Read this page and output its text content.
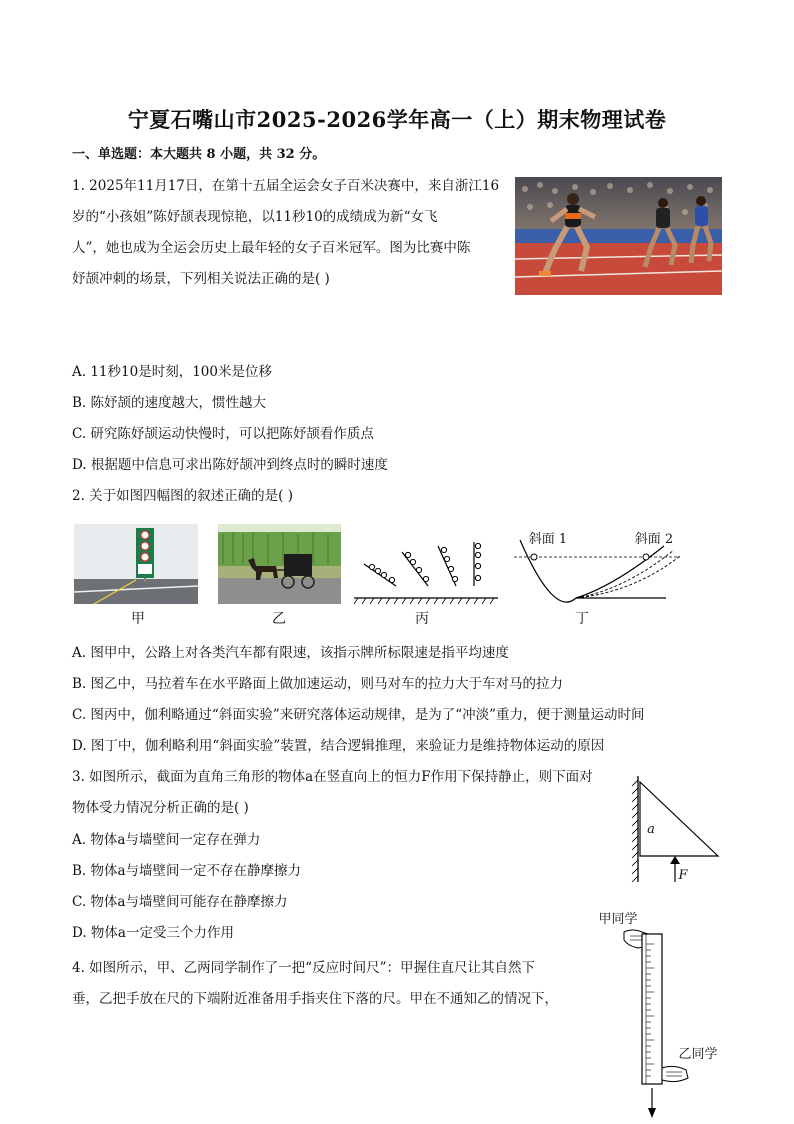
宁夏石嘴山市2025-2026学年高一（上）期末物理试卷
一、单选题：本大题共 8 小题，共 32 分。
1. 2025年11月17日，在第十五届全运会女子百米决赛中，来自浙江16
岁的“小孩姐”陈妤颉表现惊艳，以11秒10的成绩成为新“女飞
人”，她也成为全运会历史上最年轻的女子百米冠军。图为比赛中陈
妤颉冲刺的场景，下列相关说法正确的是( )
A. 11秒10是时刻，100米是位移
B. 陈妤颉的速度越大，惯性越大
C. 研究陈妤颉运动快慢时，可以把陈妤颉看作质点
D. 根据题中信息可求出陈妤颉冲到终点时的瞬时速度
2. 关于如图四幅图的叙述正确的是( )
斜面 1	斜面 2
甲	乙	丙	丁
A. 图甲中，公路上对各类汽车都有限速，该指示牌所标限速是指平均速度
B. 图乙中，马拉着车在水平路面上做加速运动，则马对车的拉力大于车对马的拉力
C. 图丙中，伽利略通过“斜面实验”来研究落体运动规律，是为了“冲淡”重力，便于测量运动时间
D. 图丁中，伽利略利用“斜面实验”装置，结合逻辑推理，来验证力是维持物体运动的原因
3. 如图所示，截面为直角三角形的物体a在竖直向上的恒力F作用下保持静止，则下面对
物体受力情况分析正确的是( )
a
F
A. 物体a与墙壁间一定存在弹力
B. 物体a与墙壁间一定不存在静摩擦力
C. 物体a与墙壁间可能存在静摩擦力
D. 物体a一定受三个力作用
4. 如图所示，甲、乙两同学制作了一把“反应时间尺”：甲握住直尺让其自然下
垂，乙把手放在尺的下端附近准备用手指夹住下落的尺。甲在不通知乙的情况下，
甲同学
乙同学
